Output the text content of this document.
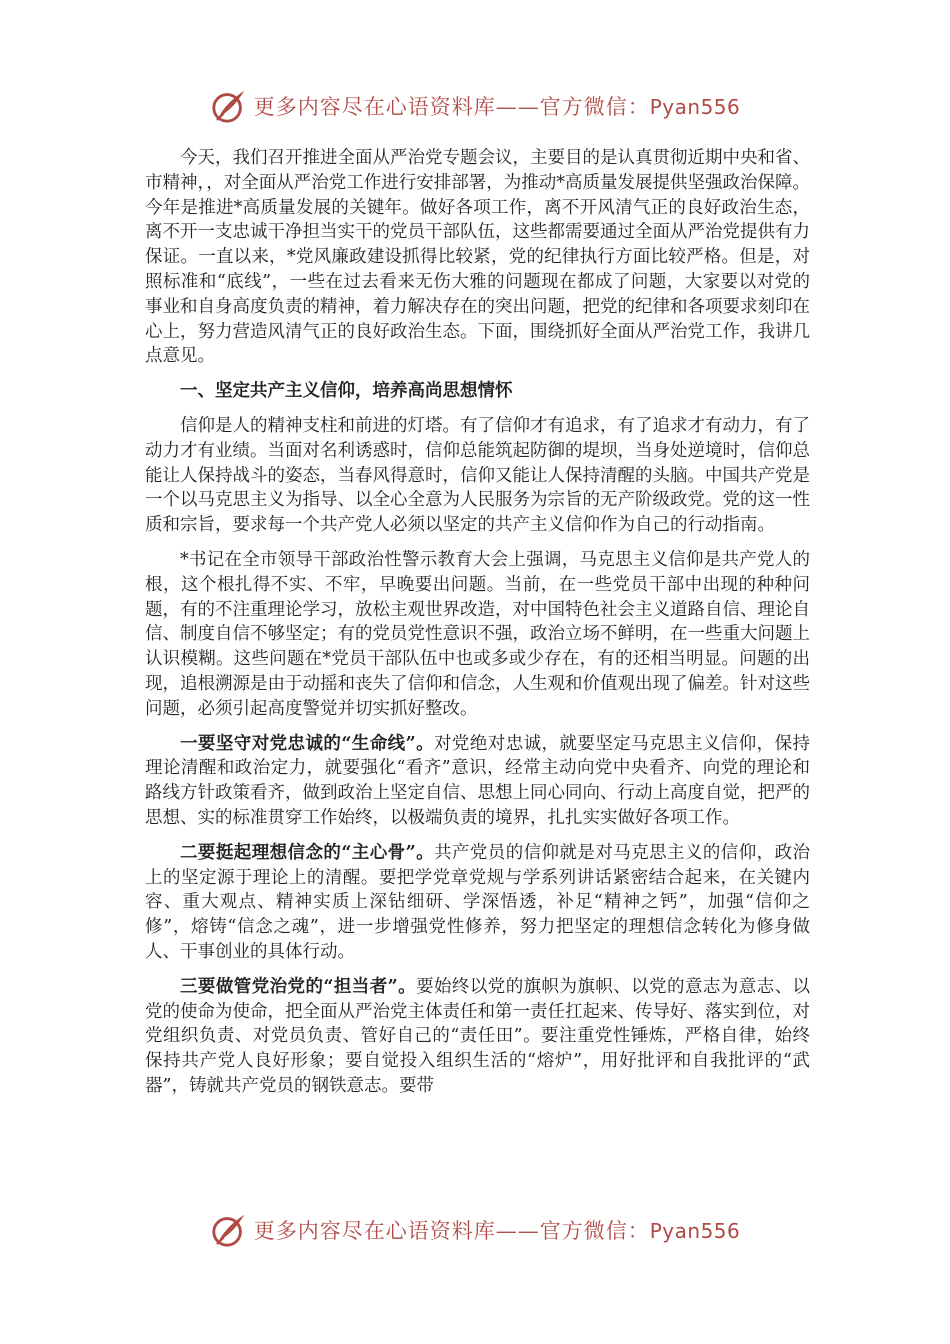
更多内容尽在心语资料库——官方微信：Pyan556

今天，我们召开推进全面从严治党专题会议，主要目的是认真贯彻近期中央和省、市精神，，对全面从严治党工作进行安排部署，为推动*高质量发展提供坚强政治保障。今年是推进*高质量发展的关键年。做好各项工作，离不开风清气正的良好政治生态，离不开一支忠诚干净担当实干的党员干部队伍，这些都需要通过全面从严治党提供有力保证。一直以来，*党风廉政建设抓得比较紧，党的纪律执行方面比较严格。但是，对照标准和“底线”，一些在过去看来无伤大雅的问题现在都成了问题，大家要以对党的事业和自身高度负责的精神，着力解决存在的突出问题，把党的纪律和各项要求刻印在心上，努力营造风清气正的良好政治生态。下面，围绕抓好全面从严治党工作，我讲几点意见。

一、坚定共产主义信仰，培养高尚思想情怀

信仰是人的精神支柱和前进的灯塔。有了信仰才有追求，有了追求才有动力，有了动力才有业绩。当面对名利诱惑时，信仰总能筑起防御的堤坝，当身处逆境时，信仰总能让人保持战斗的姿态，当春风得意时，信仰又能让人保持清醒的头脑。中国共产党是一个以马克思主义为指导、以全心全意为人民服务为宗旨的无产阶级政党。党的这一性质和宗旨，要求每一个共产党人必须以坚定的共产主义信仰作为自己的行动指南。

*书记在全市领导干部政治性警示教育大会上强调，马克思主义信仰是共产党人的根，这个根扎得不实、不牢，早晚要出问题。当前，在一些党员干部中出现的种种问题，有的不注重理论学习，放松主观世界改造，对中国特色社会主义道路自信、理论自信、制度自信不够坚定；有的党员党性意识不强，政治立场不鲜明，在一些重大问题上认识模糊。这些问题在*党员干部队伍中也或多或少存在，有的还相当明显。问题的出现，追根溯源是由于动摇和丧失了信仰和信念，人生观和价值观出现了偏差。针对这些问题，必须引起高度警觉并切实抓好整改。

一要坚守对党忠诚的“生命线”。对党绝对忠诚，就要坚定马克思主义信仰，保持理论清醒和政治定力，就要强化“看齐”意识，经常主动向党中央看齐、向党的理论和路线方针政策看齐，做到政治上坚定自信、思想上同心同向、行动上高度自觉，把严的思想、实的标准贯穿工作始终，以极端负责的境界，扎扎实实做好各项工作。

二要挺起理想信念的“主心骨”。共产党员的信仰就是对马克思主义的信仰，政治上的坚定源于理论上的清醒。要把学党章党规与学系列讲话紧密结合起来，在关键内容、重大观点、精神实质上深钻细研、学深悟透，补足“精神之钙”，加强“信仰之修”，熔铸“信念之魂”，进一步增强党性修养，努力把坚定的理想信念转化为修身做人、干事创业的具体行动。

三要做管党治党的“担当者”。要始终以党的旗帜为旗帜、以党的意志为意志、以党的使命为使命，把全面从严治党主体责任和第一责任扛起来、传导好、落实到位，对党组织负责、对党员负责、管好自己的“责任田”。要注重党性锤炼，严格自律，始终保持共产党人良好形象；要自觉投入组织生活的“熔炉”，用好批评和自我批评的“武器”，铸就共产党员的钢铁意志。要带

更多内容尽在心语资料库——官方微信：Pyan556
